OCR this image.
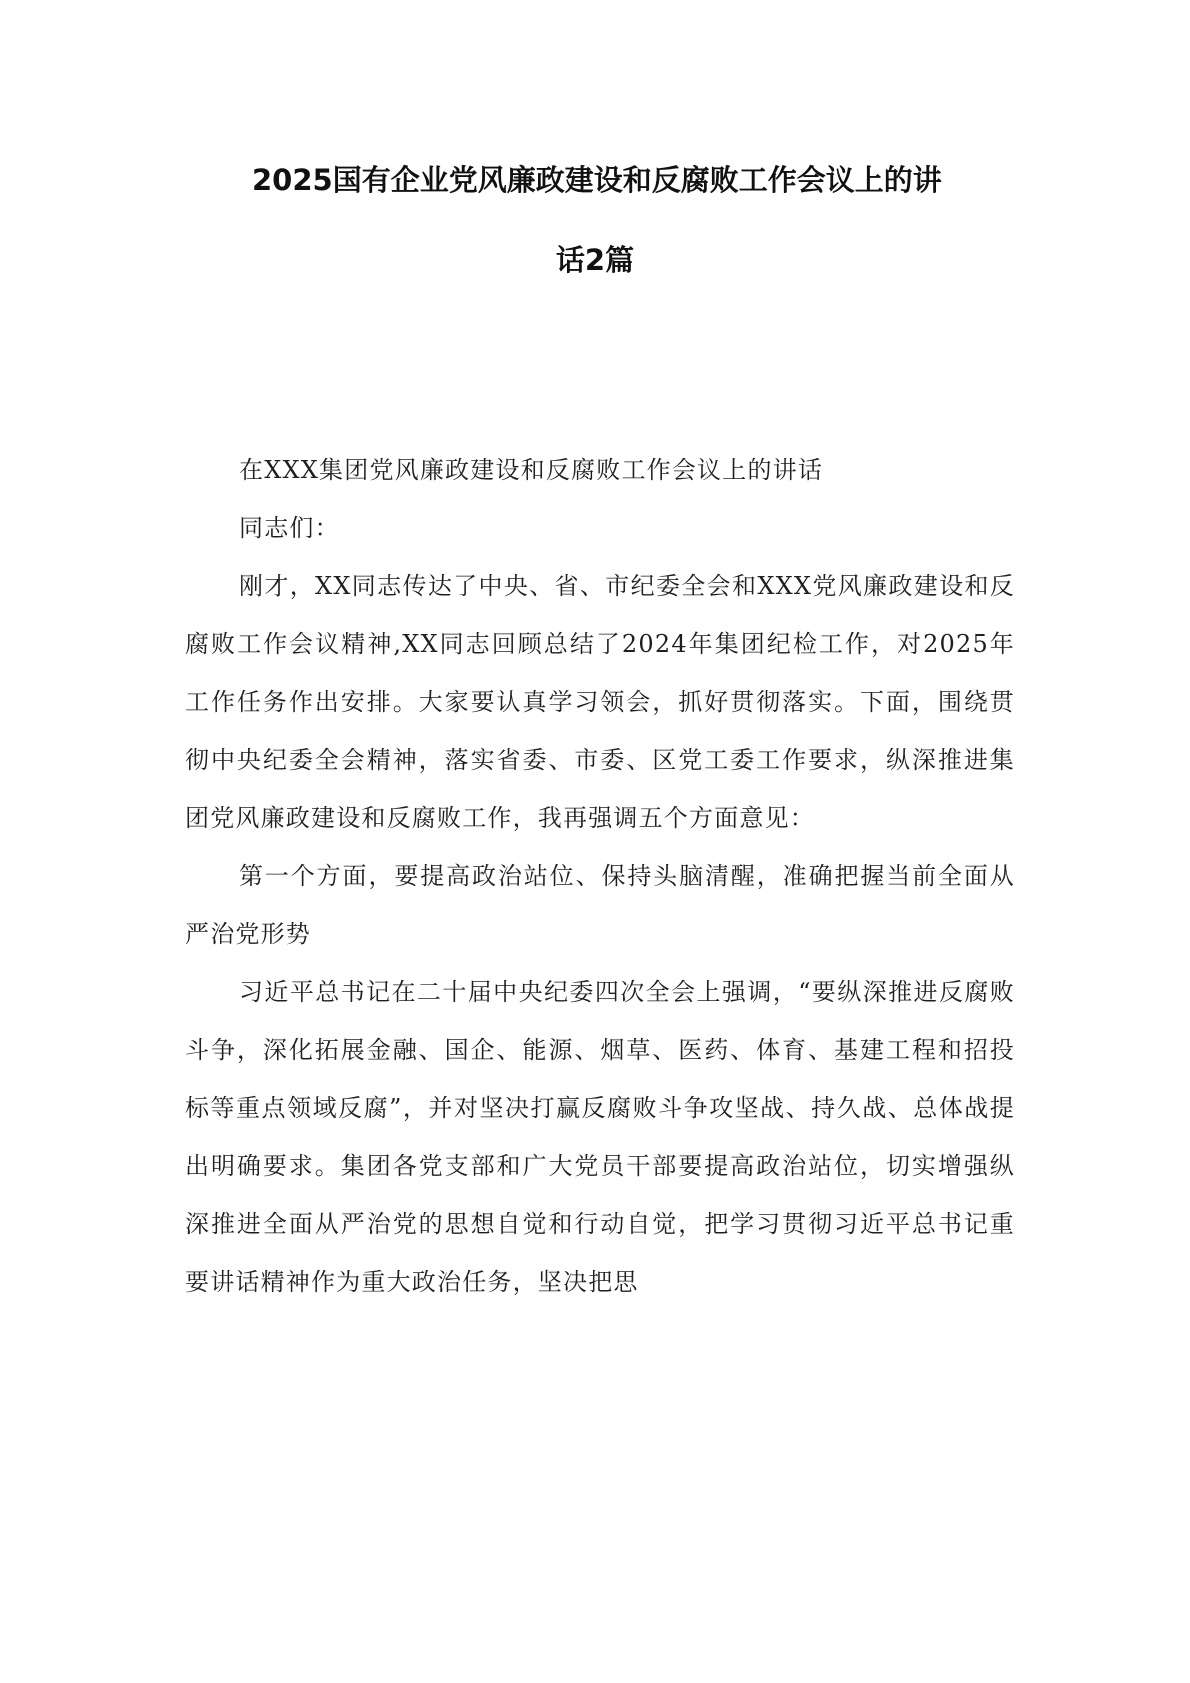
2025国有企业党风廉政建设和反腐败工作会议上的讲
话2篇

在XXX集团党风廉政建设和反腐败工作会议上的讲话

同志们：

刚才，XX同志传达了中央、省、市纪委全会和XXX党风廉政建设和反腐败工作会议精神,XX同志回顾总结了2024年集团纪检工作，对2025年工作任务作出安排。大家要认真学习领会，抓好贯彻落实。下面，围绕贯彻中央纪委全会精神，落实省委、市委、区党工委工作要求，纵深推进集团党风廉政建设和反腐败工作，我再强调五个方面意见：

第一个方面，要提高政治站位、保持头脑清醒，准确把握当前全面从严治党形势

习近平总书记在二十届中央纪委四次全会上强调，“要纵深推进反腐败斗争，深化拓展金融、国企、能源、烟草、医药、体育、基建工程和招投标等重点领域反腐”，并对坚决打赢反腐败斗争攻坚战、持久战、总体战提出明确要求。集团各党支部和广大党员干部要提高政治站位，切实增强纵深推进全面从严治党的思想自觉和行动自觉，把学习贯彻习近平总书记重要讲话精神作为重大政治任务，坚决把思
